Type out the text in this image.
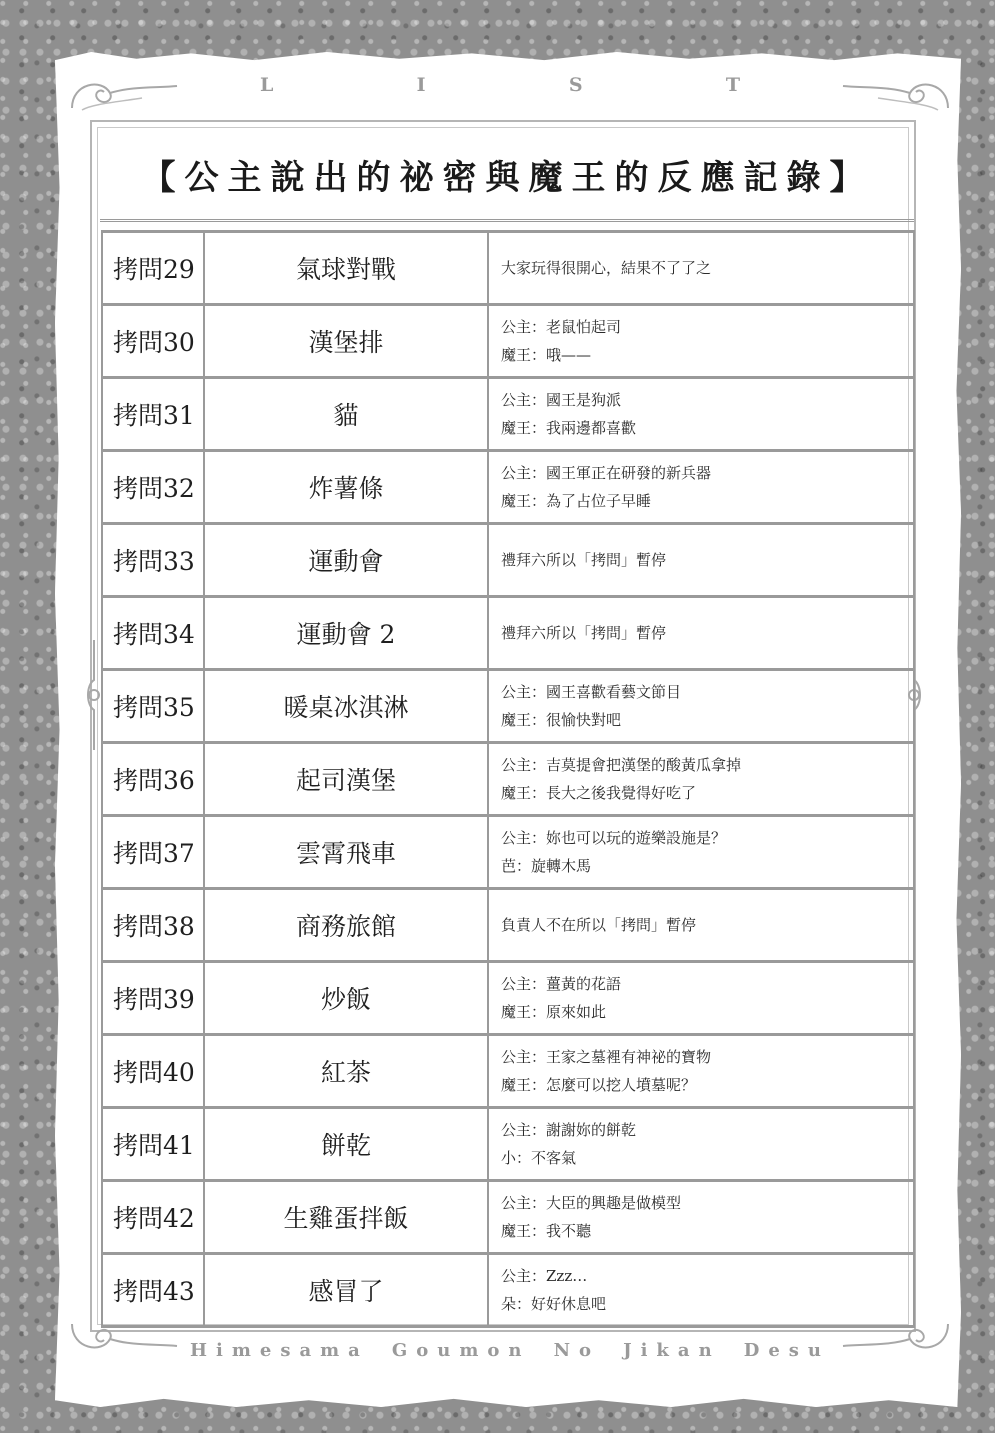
L	I	S	T
【公主說出的祕密與魔王的反應記錄】
拷問29	氣球對戰	大家玩得很開心，結果不了了之
拷問30	漢堡排
公主：老鼠怕起司
魔王：哦——
拷問31	貓
公主：國王是狗派
魔王：我兩邊都喜歡
拷問32	炸薯條
公主：國王軍正在研發的新兵器
魔王：為了占位子早睡
拷問33	運動會	禮拜六所以「拷問」暫停
拷問34	運動會 2	禮拜六所以「拷問」暫停
拷問35	暖桌冰淇淋
公主：國王喜歡看藝文節目
魔王：很愉快對吧
拷問36	起司漢堡
公主：吉莫提會把漢堡的酸黃瓜拿掉
魔王：長大之後我覺得好吃了
拷問37	雲霄飛車
公主：妳也可以玩的遊樂設施是？
芭：旋轉木馬
拷問38	商務旅館	負責人不在所以「拷問」暫停
拷問39	炒飯
公主：薑黃的花語
魔王：原來如此
拷問40	紅茶
公主：王家之墓裡有神祕的寶物
魔王：怎麼可以挖人墳墓呢？
拷問41	餅乾
公主：謝謝妳的餅乾
小：不客氣
拷問42	生雞蛋拌飯
公主：大臣的興趣是做模型
魔王：我不聽
拷問43	感冒了
公主：Zzz…
朵：好好休息吧
Himesama Goumon No Jikan Desu
